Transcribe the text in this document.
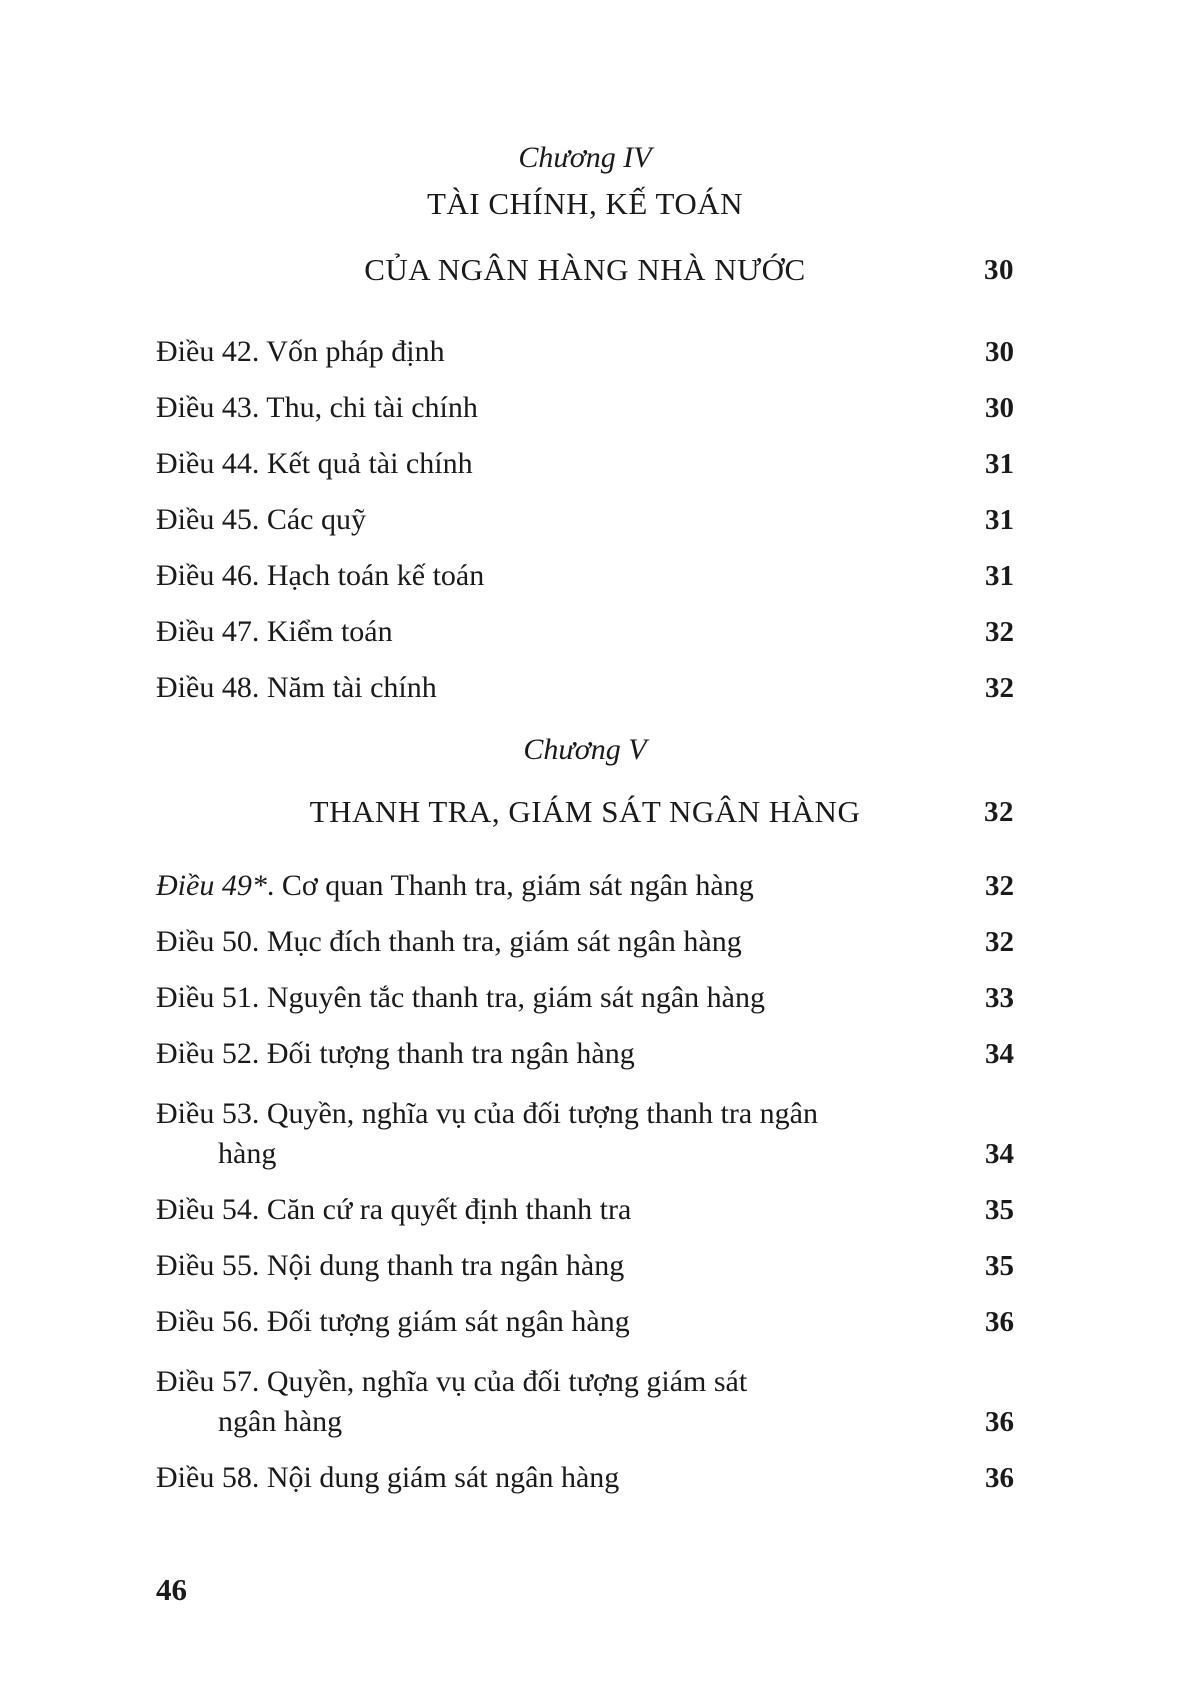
Chương IV
TÀI CHÍNH, KẾ TOÁN
CỦA NGÂN HÀNG NHÀ NƯỚC	30
Điều 42. Vốn pháp định	30
Điều 43. Thu, chi tài chính	30
Điều 44. Kết quả tài chính	31
Điều 45. Các quỹ	31
Điều 46. Hạch toán kế toán	31
Điều 47. Kiểm toán	32
Điều 48. Năm tài chính	32
Chương V
THANH TRA, GIÁM SÁT NGÂN HÀNG	32
Điều 49*. Cơ quan Thanh tra, giám sát ngân hàng	32
Điều 50. Mục đích thanh tra, giám sát ngân hàng	32
Điều 51. Nguyên tắc thanh tra, giám sát ngân hàng	33
Điều 52. Đối tượng thanh tra ngân hàng	34
Điều 53. Quyền, nghĩa vụ của đối tượng thanh tra ngân
hàng	34
Điều 54. Căn cứ ra quyết định thanh tra	35
Điều 55. Nội dung thanh tra ngân hàng	35
Điều 56. Đối tượng giám sát ngân hàng	36
Điều 57. Quyền, nghĩa vụ của đối tượng giám sát
ngân hàng	36
Điều 58. Nội dung giám sát ngân hàng	36
46
